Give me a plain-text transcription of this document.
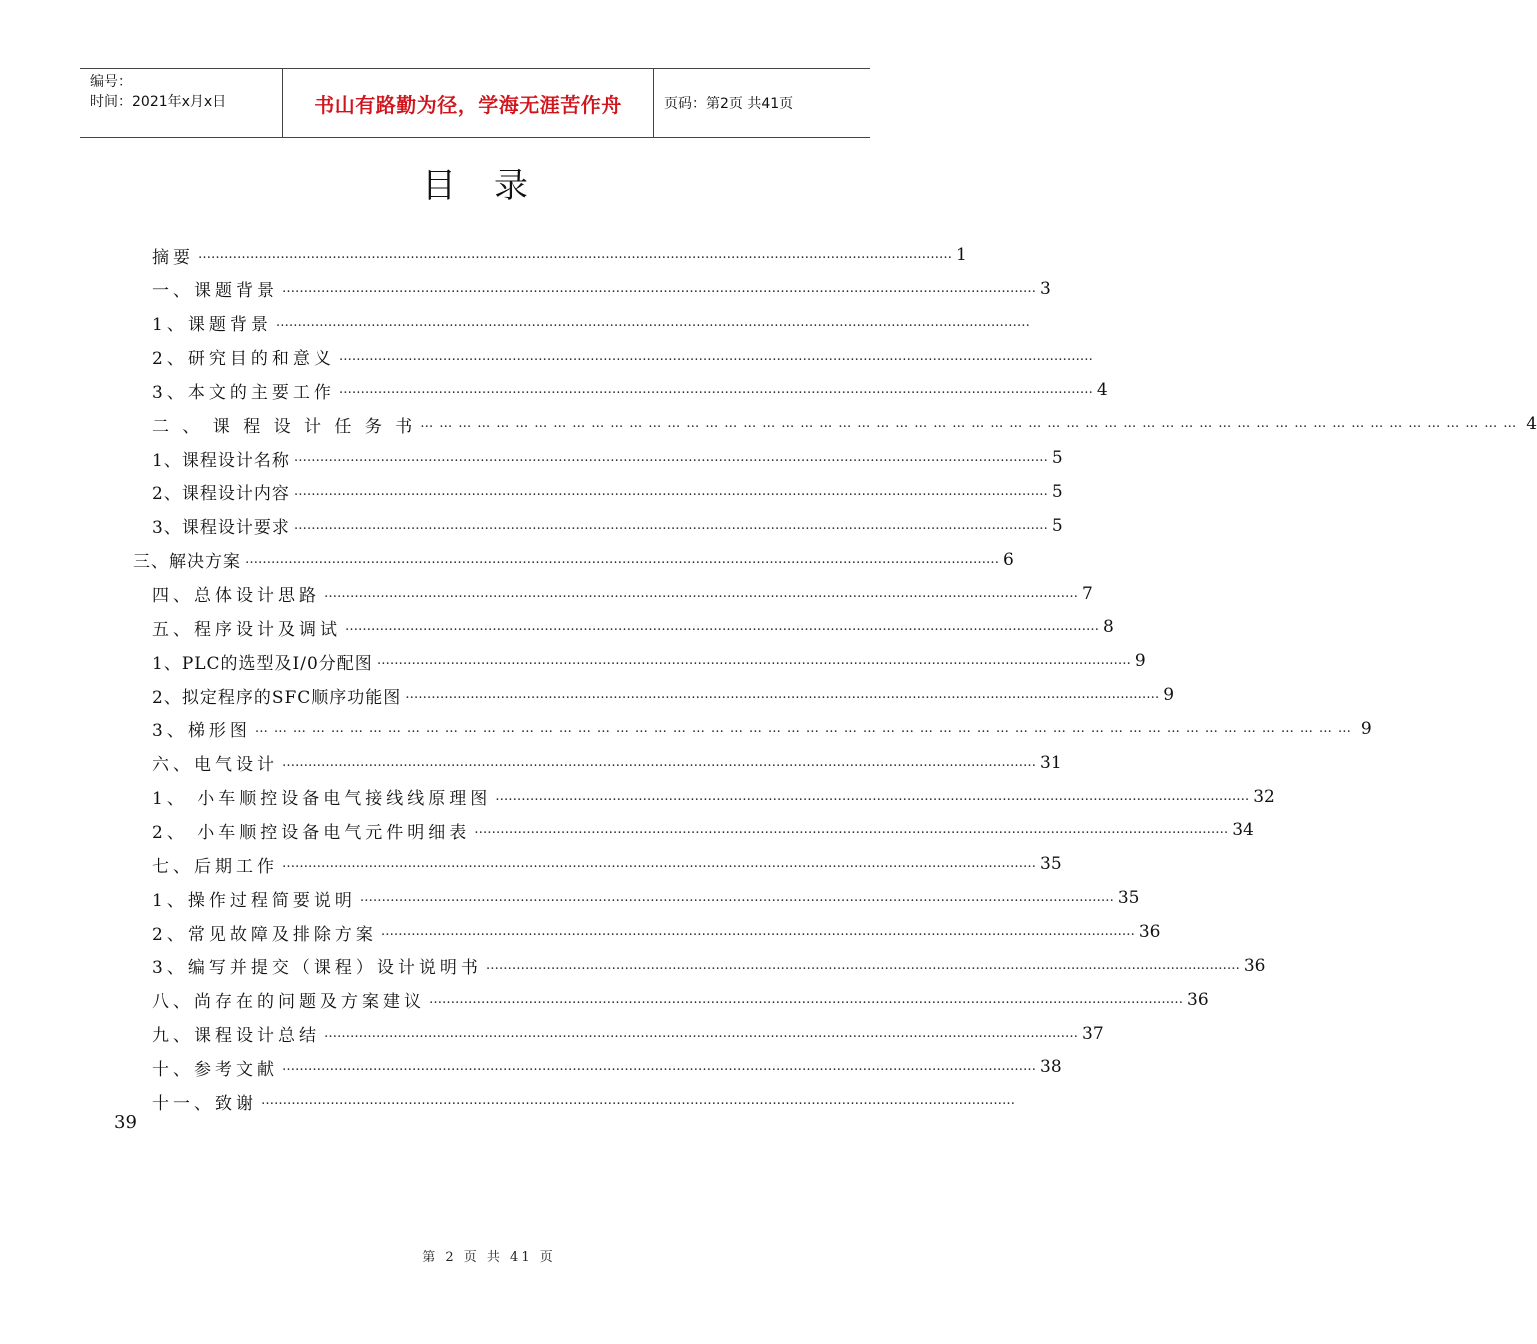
编号：
时间：2021年x月x日	书山有路勤为径，学海无涯苦作舟	页码：第2页 共41页
目录
摘要 ………………………………………………………………………………………………………………………………………………………… 1
一、课题背景 ………………………………………………………………………………………………………………………………………………………… 3
1、课题背景 …………………………………………………………………………………………………………………………………………………………
2、研究目的和意义 …………………………………………………………………………………………………………………………………………………………
3、本文的主要工作 ………………………………………………………………………………………………………………………………………………………… 4
二 、 课 程 设 计 任 务 书 ………………………………………………………………………………………………………………………………………………………… 4
1、课程设计名称 ………………………………………………………………………………………………………………………………………………………… 5
2、课程设计内容 ………………………………………………………………………………………………………………………………………………………… 5
3、课程设计要求 ………………………………………………………………………………………………………………………………………………………… 5
三、解决方案 ………………………………………………………………………………………………………………………………………………………… 6
四、总体设计思路 ………………………………………………………………………………………………………………………………………………………… 7
五、程序设计及调试 ………………………………………………………………………………………………………………………………………………………… 8
1、PLC的选型及I/0分配图 ………………………………………………………………………………………………………………………………………………………… 9
2、拟定程序的SFC顺序功能图 ………………………………………………………………………………………………………………………………………………………… 9
3、梯形图 ………………………………………………………………………………………………………………………………………………………… 9
六、电气设计 ………………………………………………………………………………………………………………………………………………………… 31
1、 小车顺控设备电气接线线原理图 ………………………………………………………………………………………………………………………………………………………… 32
2、 小车顺控设备电气元件明细表 ………………………………………………………………………………………………………………………………………………………… 34
七、后期工作 ………………………………………………………………………………………………………………………………………………………… 35
1、操作过程简要说明 ………………………………………………………………………………………………………………………………………………………… 35
2、常见故障及排除方案 ………………………………………………………………………………………………………………………………………………………… 36
3、编写并提交（课程）设计说明书 ………………………………………………………………………………………………………………………………………………………… 36
八、尚存在的问题及方案建议 ………………………………………………………………………………………………………………………………………………………… 36
九、课程设计总结 ………………………………………………………………………………………………………………………………………………………… 37
十、参考文献 ………………………………………………………………………………………………………………………………………………………… 38
十一、致谢 …………………………………………………………………………………………………………………………………………………………
39
第 2 页 共 41 页
